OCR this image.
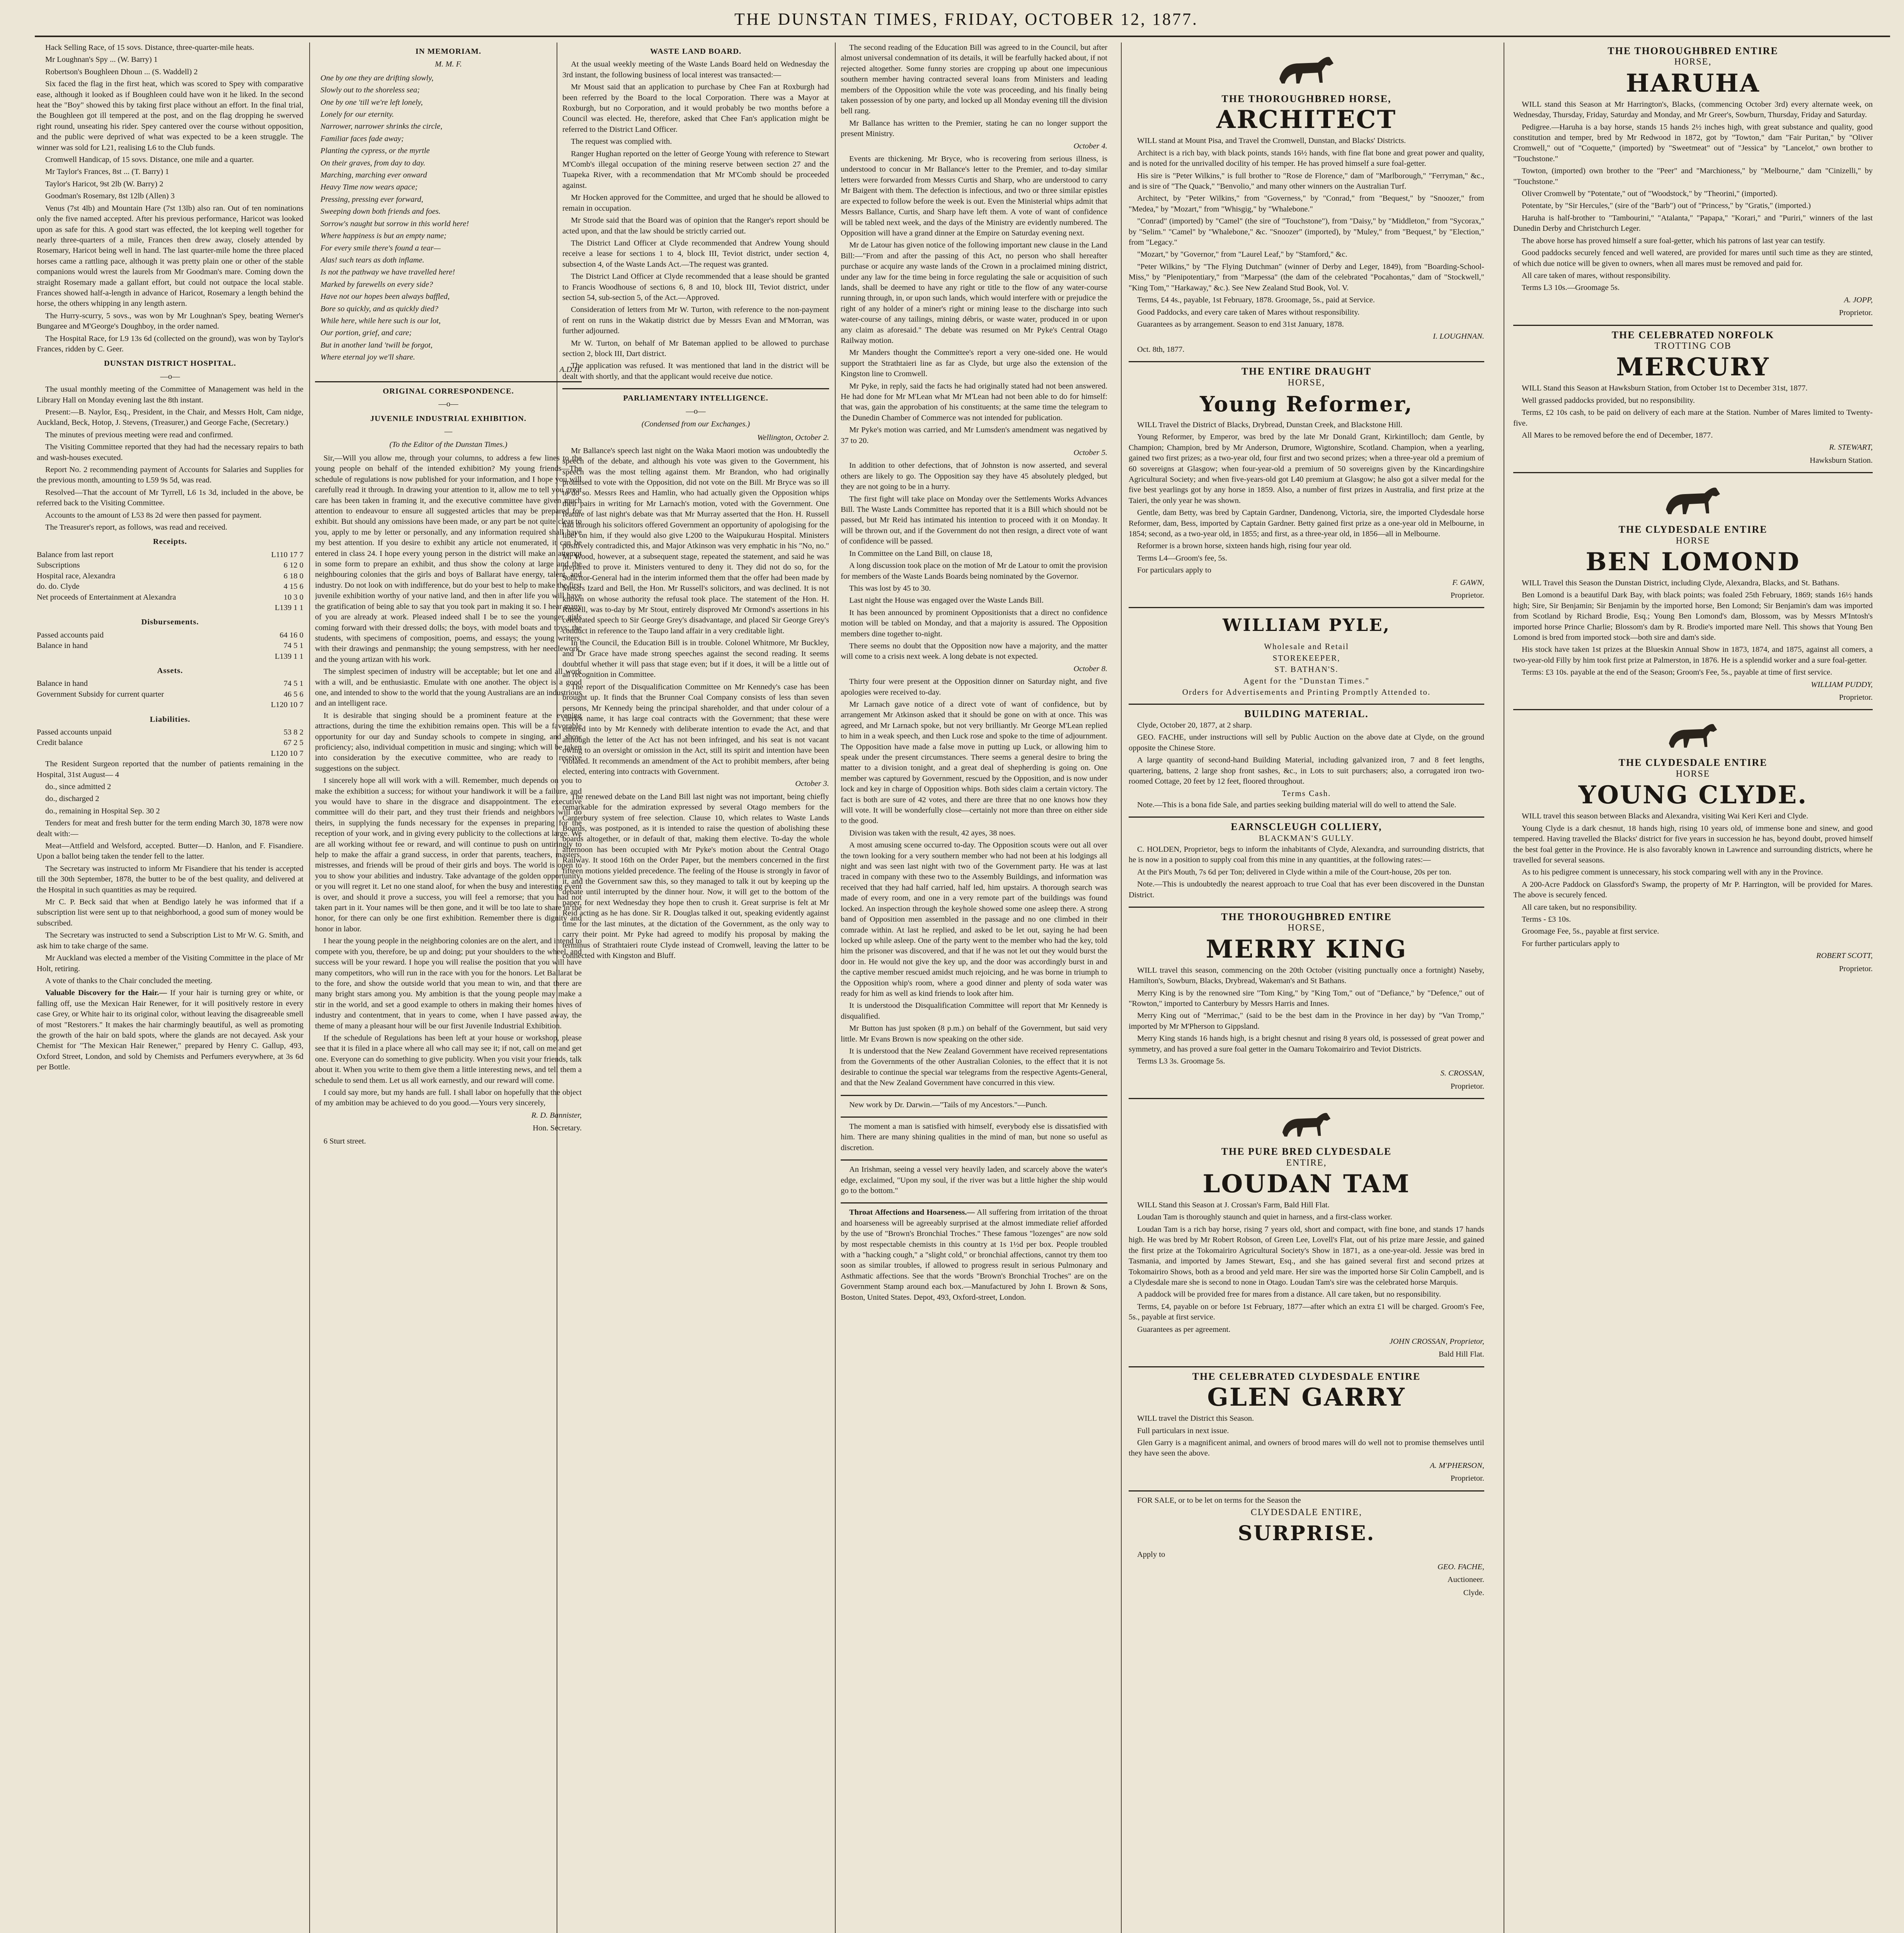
THE DUNSTAN TIMES, FRIDAY, OCTOBER 12, 1877.

Hack Selling Race, of 15 sovs. Distance, three-quarter-mile heats.

Mr Loughnan's Spy ... (W. Barry) 1

Robertson's Boughleen Dhoun ... (S. Waddell) 2

Six faced the flag in the first heat, which was scored to Spey with comparative ease, although it looked as if Boughleen could have won it he liked. In the second heat the "Boy" showed this by taking first place without an effort. In the final trial, the Boughleen got ill tempered at the post, and on the flag dropping he swerved right round, unseating his rider. Spey cantered over the course without opposition, and the public were deprived of what was expected to be a keen struggle. The winner was sold for L21, realising L6 to the Club funds.

Cromwell Handicap, of 15 sovs. Distance, one mile and a quarter.

Mr Taylor's Frances, 8st ... (T. Barry) 1

Taylor's Haricot, 9st 2lb (W. Barry) 2

Goodman's Rosemary, 8st 12lb (Allen) 3

Venus (7st 4lb) and Mountain Hare (7st 13lb) also ran. Out of ten nominations only the five named accepted. After his previous performance, Haricot was looked upon as safe for this. A good start was effected, the lot keeping well together for nearly three-quarters of a mile, Frances then drew away, closely attended by Rosemary, Haricot being well in hand. The last quarter-mile home the three placed horses came a rattling pace, although it was pretty plain one or other of the stable companions would wrest the laurels from Mr Goodman's mare. Coming down the straight Rosemary made a gallant effort, but could not outpace the local stable. Frances showed half-a-length in advance of Haricot, Rosemary a length behind the horse, the others whipping in any length astern.

The Hurry-scurry, 5 sovs., was won by Mr Loughnan's Spey, beating Werner's Bungaree and M'George's Doughboy, in the order named.

The Hospital Race, for L9 13s 6d (collected on the ground), was won by Taylor's Frances, ridden by C. Geer.

DUNSTAN DISTRICT HOSPITAL.
—o—

The usual monthly meeting of the Committee of Management was held in the Library Hall on Monday evening last the 8th instant.

Present:—B. Naylor, Esq., President, in the Chair, and Messrs Holt, Cam nidge, Auckland, Beck, Hotop, J. Stevens, (Treasurer,) and George Fache, (Secretary.)

The minutes of previous meeting were read and confirmed.

The Visiting Committee reported that they had had the necessary repairs to bath and wash-houses executed.

Report No. 2 recommending payment of Accounts for Salaries and Supplies for the previous month, amounting to L59 9s 5d, was read.

Resolved—That the account of Mr Tyrrell, L6 1s 3d, included in the above, be referred back to the Visiting Committee.

Accounts to the amount of L53 8s 2d were then passed for payment.

The Treasurer's report, as follows, was read and received.

Receipts.
Balance from last report	L110 17 7
Subscriptions	6 12 0
Hospital race, Alexandra	6 18 0
do. do. Clyde	4 15 6
Net proceeds of Entertainment at Alexandra	10 3 0
L139 1 1
Disbursements.
Passed accounts paid	64 16 0
Balance in hand	74 5 1
L139 1 1
Assets.
Balance in hand	74 5 1
Government Subsidy for current quarter	46 5 6
L120 10 7
Liabilities.
Passed accounts unpaid	53 8 2
Credit balance	67 2 5
L120 10 7

The Resident Surgeon reported that the number of patients remaining in the Hospital, 31st August— 4

do., since admitted 2

do., discharged 2

do., remaining in Hospital Sep. 30 2

Tenders for meat and fresh butter for the term ending March 30, 1878 were now dealt with:—

Meat—Attfield and Welsford, accepted. Butter—D. Hanlon, and F. Fisandiere. Upon a ballot being taken the tender fell to the latter.

The Secretary was instructed to inform Mr Fisandiere that his tender is accepted till the 30th September, 1878, the butter to be of the best quality, and delivered at the Hospital in such quantities as may be required.

Mr C. P. Beck said that when at Bendigo lately he was informed that if a subscription list were sent up to that neighborhood, a good sum of money would be subscribed.

The Secretary was instructed to send a Subscription List to Mr W. G. Smith, and ask him to take charge of the same.

Mr Auckland was elected a member of the Visiting Committee in the place of Mr Holt, retiring.

A vote of thanks to the Chair concluded the meeting.

Valuable Discovery for the Hair.— If your hair is turning grey or white, or falling off, use the Mexican Hair Renewer, for it will positively restore in every case Grey, or White hair to its original color, without leaving the disagreeable smell of most "Restorers." It makes the hair charmingly beautiful, as well as promoting the growth of the hair on bald spots, where the glands are not decayed. Ask your Chemist for "The Mexican Hair Renewer," prepared by Henry C. Gallup, 493, Oxford Street, London, and sold by Chemists and Perfumers everywhere, at 3s 6d per Bottle.

IN MEMORIAM.
M. M. F.

One by one they are drifting slowly,

Slowly out to the shoreless sea;

One by one 'till we're left lonely,

Lonely for our eternity.

Narrower, narrower shrinks the circle,

Familiar faces fade away;

Planting the cypress, or the myrtle

On their graves, from day to day.

Marching, marching ever onward

Heavy Time now wears apace;

Pressing, pressing ever forward,

Sweeping down both friends and foes.

Sorrow's naught but sorrow in this world here!

Where happiness is but an empty name;

For every smile there's found a tear—

Alas! such tears as doth inflame.

Is not the pathway we have travelled here!

Marked by farewells on every side?

Have not our hopes been always baffled,

Bore so quickly, and as quickly died?

While here, while here such is our lot,

Our portion, grief, and care;

But in another land 'twill be forgot,

Where eternal joy we'll share.

A.D.H.
ORIGINAL CORRESPONDENCE.
—o—
JUVENILE INDUSTRIAL EXHIBITION.
—
(To the Editor of the Dunstan Times.)

Sir,—Will you allow me, through your columns, to address a few lines to the young people on behalf of the intended exhibition? My young friends—The schedule of regulations is now published for your information, and I hope you will carefully read it through. In drawing your attention to it, allow me to tell you great care has been taken in framing it, and the executive committee have given much attention to endeavour to ensure all suggested articles that may be prepared for exhibit. But should any omissions have been made, or any part be not quite clear to you, apply to me by letter or personally, and any information required shall have my best attention. If you desire to exhibit any article not enumerated, it can be entered in class 24. I hope every young person in the district will make an attempt in some form to prepare an exhibit, and thus show the colony at large and the neighbouring colonies that the girls and boys of Ballarat have energy, talent, and industry. Do not look on with indifference, but do your best to help to make the first juvenile exhibition worthy of your native land, and then in after life you will have the gratification of being able to say that you took part in making it so. I hear many of you are already at work. Pleased indeed shall I be to see the younger girls coming forward with their dressed dolls; the boys, with model boats and toys; the students, with specimens of composition, poems, and essays; the young writers, with their drawings and penmanship; the young sempstress, with her needlework, and the young artizan with his work.

The simplest specimen of industry will be acceptable; but let one and all work with a will, and be enthusiastic. Emulate with one another. The object is a good one, and intended to show to the world that the young Australians are an industrious and an intelligent race.

It is desirable that singing should be a prominent feature at the evening attractions, during the time the exhibition remains open. This will be a favorable opportunity for our day and Sunday schools to compete in singing, and show proficiency; also, individual competition in music and singing; which will be taken into consideration by the executive committee, who are ready to receive suggestions on the subject.

I sincerely hope all will work with a will. Remember, much depends on you to make the exhibition a success; for without your handiwork it will be a failure, and you would have to share in the disgrace and disappointment. The executive committee will do their part, and they trust their friends and neighbors will do theirs, in supplying the funds necessary for the expenses in preparing for the reception of your work, and in giving every publicity to the collections at large. We are all working without fee or reward, and will continue to push on untiringly to help to make the affair a grand success, in order that parents, teachers, masters, mistresses, and friends will be proud of their girls and boys. The world is open to you to show your abilities and industry. Take advantage of the golden opportunity, or you will regret it. Let no one stand aloof, for when the busy and interesting event is over, and should it prove a success, you will feel a remorse; that you had not taken part in it. Your names will be then gone, and it will be too late to share in the honor, for there can only be one first exhibition. Remember there is dignity and honor in labor.

I hear the young people in the neighboring colonies are on the alert, and intend to compete with you, therefore, be up and doing; put your shoulders to the wheel, and success will be your reward. I hope you will realise the position that you will have many competitors, who will run in the race with you for the honors. Let Ballarat be to the fore, and show the outside world that you mean to win, and that there are many bright stars among you. My ambition is that the young people may make a stir in the world, and set a good example to others in making their homes hives of industry and contentment, that in years to come, when I have passed away, the theme of many a pleasant hour will be our first Juvenile Industrial Exhibition.

If the schedule of Regulations has been left at your house or workshop, please see that it is filed in a place where all who call may see it; if not, call on me and get one. Everyone can do something to give publicity. When you visit your friends, talk about it. When you write to them give them a little interesting news, and tell them a schedule to send them. Let us all work earnestly, and our reward will come.

I could say more, but my hands are full. I shall labor on hopefully that the object of my ambition may be achieved to do you good.—Yours very sincerely,

R. D. Bannister,
Hon. Secretary.

6 Sturt street.

WASTE LAND BOARD.

At the usual weekly meeting of the Waste Lands Board held on Wednesday the 3rd instant, the following business of local interest was transacted:—

Mr Moust said that an application to purchase by Chee Fan at Roxburgh had been referred by the Board to the local Corporation. There was a Mayor at Roxburgh, but no Corporation, and it would probably be two months before a Council was elected. He, therefore, asked that Chee Fan's application might be referred to the District Land Officer.

The request was complied with.

Ranger Hughan reported on the letter of George Young with reference to Stewart M'Comb's illegal occupation of the mining reserve between section 27 and the Tuapeka River, with a recommendation that Mr M'Comb should be proceeded against.

Mr Hocken approved for the Committee, and urged that he should be allowed to remain in occupation.

Mr Strode said that the Board was of opinion that the Ranger's report should be acted upon, and that the law should be strictly carried out.

The District Land Officer at Clyde recommended that Andrew Young should receive a lease for sections 1 to 4, block III, Teviot district, under section 4, subsection 4, of the Waste Lands Act.—The request was granted.

The District Land Officer at Clyde recommended that a lease should be granted to Francis Woodhouse of sections 6, 8 and 10, block III, Teviot district, under section 54, sub-section 5, of the Act.—Approved.

Consideration of letters from Mr W. Turton, with reference to the non-payment of rent on runs in the Wakatip district due by Messrs Evan and M'Morran, was further adjourned.

Mr W. Turton, on behalf of Mr Bateman applied to be allowed to purchase section 2, block III, Dart district.

The application was refused. It was mentioned that land in the district will be dealt with shortly, and that the applicant would receive due notice.

PARLIAMENTARY INTELLIGENCE.
—o—
(Condensed from our Exchanges.)
Wellington, October 2.

Mr Ballance's speech last night on the Waka Maori motion was undoubtedly the speech of the debate, and although his vote was given to the Government, his speech was the most telling against them. Mr Brandon, who had originally promised to vote with the Opposition, did not vote on the Bill. Mr Bryce was so ill to do so. Messrs Rees and Hamlin, who had actually given the Opposition whips their pairs in writing for Mr Larnach's motion, voted with the Government. One feature of last night's debate was that Mr Murray asserted that the Hon. H. Russell had through his solicitors offered Government an opportunity of apologising for the libel on him, if they would also give L200 to the Waipukurau Hospital. Ministers positively contradicted this, and Major Atkinson was very emphatic in his "No, no." Mr Wood, however, at a subsequent stage, repeated the statement, and said he was prepared to prove it. Ministers ventured to deny it. They did not do so, for the Solicitor-General had in the interim informed them that the offer had been made by Messrs Izard and Bell, the Hon. Mr Russell's solicitors, and was declined. It is not known on whose authority the refusal took place. The statement of the Hon. H. Russell, was to-day by Mr Stout, entirely disproved Mr Ormond's assertions in his celebrated speech to Sir George Grey's disadvantage, and placed Sir George Grey's conduct in reference to the Taupo land affair in a very creditable light.

In the Council, the Education Bill is in trouble. Colonel Whitmore, Mr Buckley, and Dr Grace have made strong speeches against the second reading. It seems doubtful whether it will pass that stage even; but if it does, it will be a little out of all recognition in Committee.

The report of the Disqualification Committee on Mr Kennedy's case has been brought up. It finds that the Brunner Coal Company consists of less than seven persons, Mr Kennedy being the principal shareholder, and that under colour of a clerk's name, it has large coal contracts with the Government; that these were entered into by Mr Kennedy with deliberate intention to evade the Act, and that although the letter of the Act has not been infringed, and his seat is not vacant owing to an oversight or omission in the Act, still its spirit and intention have been violated. It recommends an amendment of the Act to prohibit members, after being elected, entering into contracts with Government.

October 3.

The renewed debate on the Land Bill last night was not important, being chiefly remarkable for the admiration expressed by several Otago members for the Canterbury system of free selection. Clause 10, which relates to Waste Lands Boards, was postponed, as it is intended to raise the question of abolishing these boards altogether, or in default of that, making them elective. To-day the whole afternoon has been occupied with Mr Pyke's motion about the Central Otago Railway. It stood 16th on the Order Paper, but the members concerned in the first fifteen motions yielded precedence. The feeling of the House is strongly in favor of it, and the Government saw this, so they managed to talk it out by keeping up the debate until interrupted by the dinner hour. Now, it will get to the bottom of the paper, for next Wednesday they hope then to crush it. Great surprise is felt at Mr Reid acting as he has done. Sir R. Douglas talked it out, speaking evidently against time for the last minutes, at the dictation of the Government, as the only way to carry their point. Mr Pyke had agreed to modify his proposal by making the terminus of Strathtaieri route Clyde instead of Cromwell, leaving the latter to be connected with Kingston and Bluff.

The second reading of the Education Bill was agreed to in the Council, but after almost universal condemnation of its details, it will be fearfully hacked about, if not rejected altogether. Some funny stories are cropping up about one impecunious southern member having contracted several loans from Ministers and leading members of the Opposition while the vote was proceeding, and his finally being taken possession of by one party, and locked up all Monday evening till the division bell rang.

Mr Ballance has written to the Premier, stating he can no longer support the present Ministry.

October 4.

Events are thickening. Mr Bryce, who is recovering from serious illness, is understood to concur in Mr Ballance's letter to the Premier, and to-day similar letters were forwarded from Messrs Curtis and Sharp, who are understood to carry Mr Baigent with them. The defection is infectious, and two or three similar epistles are expected to follow before the week is out. Even the Ministerial whips admit that Messrs Ballance, Curtis, and Sharp have left them. A vote of want of confidence will be tabled next week, and the days of the Ministry are evidently numbered. The Opposition will have a grand dinner at the Empire on Saturday evening next.

Mr de Latour has given notice of the following important new clause in the Land Bill:—"From and after the passing of this Act, no person who shall hereafter purchase or acquire any waste lands of the Crown in a proclaimed mining district, under any law for the time being in force regulating the sale or acquisition of such lands, shall be deemed to have any right or title to the flow of any water-course running through, in, or upon such lands, which would interfere with or prejudice the right of any holder of a miner's right or mining lease to the discharge into such water-course of any tailings, mining débris, or waste water, produced in or upon any claim as aforesaid." The debate was resumed on Mr Pyke's Central Otago Railway motion.

Mr Manders thought the Committee's report a very one-sided one. He would support the Strathtaieri line as far as Clyde, but urge also the extension of the Kingston line to Cromwell.

Mr Pyke, in reply, said the facts he had originally stated had not been answered. He had done for Mr M'Lean what Mr M'Lean had not been able to do for himself: that was, gain the approbation of his constituents; at the same time the telegram to the Dunedin Chamber of Commerce was not intended for publication.

Mr Pyke's motion was carried, and Mr Lumsden's amendment was negatived by 37 to 20.

October 5.

In addition to other defections, that of Johnston is now asserted, and several others are likely to go. The Opposition say they have 45 absolutely pledged, but they are not going to be in a hurry.

The first fight will take place on Monday over the Settlements Works Advances Bill. The Waste Lands Committee has reported that it is a Bill which should not be passed, but Mr Reid has intimated his intention to proceed with it on Monday. It will be thrown out, and if the Government do not then resign, a direct vote of want of confidence will be passed.

In Committee on the Land Bill, on clause 18,

A long discussion took place on the motion of Mr de Latour to omit the provision for members of the Waste Lands Boards being nominated by the Governor.

This was lost by 45 to 30.

Last night the House was engaged over the Waste Lands Bill.

It has been announced by prominent Oppositionists that a direct no confidence motion will be tabled on Monday, and that a majority is assured. The Opposition members dine together to-night.

There seems no doubt that the Opposition now have a majority, and the matter will come to a crisis next week. A long debate is not expected.

October 8.

Thirty four were present at the Opposition dinner on Saturday night, and five apologies were received to-day.

Mr Larnach gave notice of a direct vote of want of confidence, but by arrangement Mr Atkinson asked that it should be gone on with at once. This was agreed, and Mr Larnach spoke, but not very brilliantly. Mr George M'Lean replied to him in a weak speech, and then Luck rose and spoke to the time of adjournment. The Opposition have made a false move in putting up Luck, or allowing him to speak under the present circumstances. There seems a general desire to bring the matter to a division tonight, and a great deal of shepherding is going on. One member was captured by Government, rescued by the Opposition, and is now under lock and key in charge of Opposition whips. Both sides claim a certain victory. The fact is both are sure of 42 votes, and there are three that no one knows how they will vote. It will be wonderfully close—certainly not more than three on either side to the good.

Division was taken with the result, 42 ayes, 38 noes.

A most amusing scene occurred to-day. The Opposition scouts were out all over the town looking for a very southern member who had not been at his lodgings all night and was seen last night with two of the Government party. He was at last traced in company with these two to the Assembly Buildings, and information was received that they had half carried, half led, him upstairs. A thorough search was made of every room, and one in a very remote part of the buildings was found locked. An inspection through the keyhole showed some one asleep there. A strong band of Opposition men assembled in the passage and no one climbed in their comrade within. At last he replied, and asked to be let out, saying he had been locked up while asleep. One of the party went to the member who had the key, told him the prisoner was discovered, and that if he was not let out they would burst the door in. He would not give the key up, and the door was accordingly burst in and the captive member rescued amidst much rejoicing, and he was borne in triumph to the Opposition whip's room, where a good dinner and plenty of soda water was ready for him as well as kind friends to look after him.

It is understood the Disqualification Committee will report that Mr Kennedy is disqualified.

Mr Button has just spoken (8 p.m.) on behalf of the Government, but said very little. Mr Evans Brown is now speaking on the other side.

It is understood that the New Zealand Government have received representations from the Governments of the other Australian Colonies, to the effect that it is not desirable to continue the special war telegrams from the respective Agents-General, and that the New Zealand Government have concurred in this view.

New work by Dr. Darwin.—"Tails of my Ancestors."—Punch.

The moment a man is satisfied with himself, everybody else is dissatisfied with him. There are many shining qualities in the mind of man, but none so useful as discretion.

An Irishman, seeing a vessel very heavily laden, and scarcely above the water's edge, exclaimed, "Upon my soul, if the river was but a little higher the ship would go to the bottom."

Throat Affections and Hoarseness.— All suffering from irritation of the throat and hoarseness will be agreeably surprised at the almost immediate relief afforded by the use of "Brown's Bronchial Troches." These famous "lozenges" are now sold by most respectable chemists in this country at 1s 1½d per box. People troubled with a "hacking cough," a "slight cold," or bronchial affections, cannot try them too soon as similar troubles, if allowed to progress result in serious Pulmonary and Asthmatic affections. See that the words "Brown's Bronchial Troches" are on the Government Stamp around each box.—Manufactured by John I. Brown & Sons, Boston, United States. Depot, 493, Oxford-street, London.

THE THOROUGHBRED HORSE,
ARCHITECT

WILL stand at Mount Pisa, and Travel the Cromwell, Dunstan, and Blacks' Districts.

Architect is a rich bay, with black points, stands 16½ hands, with fine flat bone and great power and quality, and is noted for the unrivalled docility of his temper. He has proved himself a sure foal-getter.

His sire is "Peter Wilkins," is full brother to "Rose de Florence," dam of "Marlborough," "Ferryman," &c., and is sire of "The Quack," "Benvolio," and many other winners on the Australian Turf.

Architect, by "Peter Wilkins," from "Governess," by "Conrad," from "Bequest," by "Snoozer," from "Medea," by "Mozart," from "Whisgig," by "Whalebone."

"Conrad" (imported) by "Camel" (the sire of "Touchstone"), from "Daisy," by "Middleton," from "Sycorax," by "Selim." "Camel" by "Whalebone," &c. "Snoozer" (imported), by "Muley," from "Bequest," by "Election," from "Legacy."

"Mozart," by "Governor," from "Laurel Leaf," by "Stamford," &c.

"Peter Wilkins," by "The Flying Dutchman" (winner of Derby and Leger, 1849), from "Boarding-School-Miss," by "Plenipotentiary," from "Marpessa" (the dam of the celebrated "Pocahontas," dam of "Stockwell," "King Tom," "Harkaway," &c.). See New Zealand Stud Book, Vol. V.

Terms, £4 4s., payable, 1st February, 1878. Groomage, 5s., paid at Service.

Good Paddocks, and every care taken of Mares without responsibility.

Guarantees as by arrangement. Season to end 31st January, 1878.

I. LOUGHNAN.

Oct. 8th, 1877.

THE ENTIRE DRAUGHT
HORSE,
Young Reformer,

WILL Travel the District of Blacks, Drybread, Dunstan Creek, and Blackstone Hill.

Young Reformer, by Emperor, was bred by the late Mr Donald Grant, Kirkintilloch; dam Gentle, by Champion; Champion, bred by Mr Anderson, Drumore, Wigtonshire, Scotland. Champion, when a yearling, gained two first prizes; as a two-year old, four first and two second prizes; when a three-year old a premium of 60 sovereigns at Glasgow; when four-year-old a premium of 50 sovereigns given by the Kincardingshire Agricultural Society; and when five-years-old got L40 premium at Glasgow; he also got a silver medal for the five best yearlings got by any horse in 1859. Also, a number of first prizes in Australia, and first prize at the Taieri, the only year he was shown.

Gentle, dam Betty, was bred by Captain Gardner, Dandenong, Victoria, sire, the imported Clydesdale horse Reformer, dam, Bess, imported by Captain Gardner. Betty gained first prize as a one-year old in Melbourne, in 1854; second, as a two-year old, in 1855; and first, as a three-year old, in 1856—all in Melbourne.

Reformer is a brown horse, sixteen hands high, rising four year old.

Terms L4—Groom's fee, 5s.

For particulars apply to

F. GAWN,
Proprietor.
WILLIAM PYLE,

Wholesale and Retail

STOREKEEPER,

ST. BATHAN'S.

Agent for the "Dunstan Times."

Orders for Advertisements and Printing Promptly Attended to.

BUILDING MATERIAL.

Clyde, October 20, 1877, at 2 sharp.

GEO. FACHE, under instructions will sell by Public Auction on the above date at Clyde, on the ground opposite the Chinese Store.

A large quantity of second-hand Building Material, including galvanized iron, 7 and 8 feet lengths, quartering, battens, 2 large shop front sashes, &c., in Lots to suit purchasers; also, a corrugated iron two-roomed Cottage, 20 feet by 12 feet, floored throughout.

Terms Cash.

Note.—This is a bona fide Sale, and parties seeking building material will do well to attend the Sale.

EARNSCLEUGH COLLIERY,
BLACKMAN'S GULLY.

C. HOLDEN, Proprietor, begs to inform the inhabitants of Clyde, Alexandra, and surrounding districts, that he is now in a position to supply coal from this mine in any quantities, at the following rates:—

At the Pit's Mouth, 7s 6d per Ton; delivered in Clyde within a mile of the Court-house, 20s per ton.

Note.—This is undoubtedly the nearest approach to true Coal that has ever been discovered in the Dunstan District.

THE THOROUGHBRED ENTIRE
HORSE,
MERRY KING

WILL travel this season, commencing on the 20th October (visiting punctually once a fortnight) Naseby, Hamilton's, Sowburn, Blacks, Drybread, Wakeman's and St Bathans.

Merry King is by the renowned sire "Tom King," by "King Tom," out of "Defiance," by "Defence," out of "Rowton," imported to Canterbury by Messrs Harris and Innes.

Merry King out of "Merrimac," (said to be the best dam in the Province in her day) by "Van Tromp," imported by Mr M'Pherson to Gippsland.

Merry King stands 16 hands high, is a bright chesnut and rising 8 years old, is possessed of great power and symmetry, and has proved a sure foal getter in the Oamaru Tokomairiro and Teviot Districts.

Terms L3 3s. Groomage 5s.

S. CROSSAN,
Proprietor.
THE PURE BRED CLYDESDALE
ENTIRE,
LOUDAN TAM

WILL Stand this Season at J. Crossan's Farm, Bald Hill Flat.

Loudan Tam is thoroughly staunch and quiet in harness, and a first-class worker.

Loudan Tam is a rich bay horse, rising 7 years old, short and compact, with fine bone, and stands 17 hands high. He was bred by Mr Robert Robson, of Green Lee, Lovell's Flat, out of his prize mare Jessie, and gained the first prize at the Tokomairiro Agricultural Society's Show in 1871, as a one-year-old. Jessie was bred in Tasmania, and imported by James Stewart, Esq., and she has gained several first and second prizes at Tokomairiro Shows, both as a brood and yeld mare. Her sire was the imported horse Sir Colin Campbell, and is a Clydesdale mare she is second to none in Otago. Loudan Tam's sire was the celebrated horse Marquis.

A paddock will be provided free for mares from a distance. All care taken, but no responsibility.

Terms, £4, payable on or before 1st February, 1877—after which an extra £1 will be charged. Groom's Fee, 5s., payable at first service.

Guarantees as per agreement.

JOHN CROSSAN, Proprietor,
Bald Hill Flat.
THE CELEBRATED CLYDESDALE ENTIRE
GLEN GARRY

WILL travel the District this Season.

Full particulars in next issue.

Glen Garry is a magnificent animal, and owners of brood mares will do well not to promise themselves until they have seen the above.

A. M'PHERSON,
Proprietor.

FOR SALE, or to be let on terms for the Season the

CLYDESDALE ENTIRE,
SURPRISE.

Apply to

GEO. FACHE,
Auctioneer.
Clyde.
THE THOROUGHBRED ENTIRE
HORSE,
HARUHA

WILL stand this Season at Mr Harrington's, Blacks, (commencing October 3rd) every alternate week, on Wednesday, Thursday, Friday, Saturday and Monday, and Mr Greer's, Sowburn, Thursday, Friday and Saturday.

Pedigree.—Haruha is a bay horse, stands 15 hands 2½ inches high, with great substance and quality, good constitution and temper, bred by Mr Redwood in 1872, got by "Towton," dam "Fair Puritan," by "Oliver Cromwell," out of "Coquette," (imported) by "Sweetmeat" out of "Jessica" by "Lancelot," own brother to "Touchstone."

Towton, (imported) own brother to the "Peer" and "Marchioness," by "Melbourne," dam "Cinizelli," by "Touchstone."

Oliver Cromwell by "Potentate," out of "Woodstock," by "Theorini," (imported).

Potentate, by "Sir Hercules," (sire of the "Barb") out of "Princess," by "Gratis," (imported.)

Haruha is half-brother to "Tambourini," "Atalanta," "Papapa," "Korari," and "Puriri," winners of the last Dunedin Derby and Christchurch Leger.

The above horse has proved himself a sure foal-getter, which his patrons of last year can testify.

Good paddocks securely fenced and well watered, are provided for mares until such time as they are stinted, of which due notice will be given to owners, when all mares must be removed and paid for.

All care taken of mares, without responsibility.

Terms L3 10s.—Groomage 5s.

A. JOPP,
Proprietor.
THE CELEBRATED NORFOLK
TROTTING COB
MERCURY

WILL Stand this Season at Hawksburn Station, from October 1st to December 31st, 1877.

Well grassed paddocks provided, but no responsibility.

Terms, £2 10s cash, to be paid on delivery of each mare at the Station. Number of Mares limited to Twenty-five.

All Mares to be removed before the end of December, 1877.

R. STEWART,
Hawksburn Station.
THE CLYDESDALE ENTIRE
HORSE
BEN LOMOND

WILL Travel this Season the Dunstan District, including Clyde, Alexandra, Blacks, and St. Bathans.

Ben Lomond is a beautiful Dark Bay, with black points; was foaled 25th February, 1869; stands 16½ hands high; Sire, Sir Benjamin; Sir Benjamin by the imported horse, Ben Lomond; Sir Benjamin's dam was imported from Scotland by Richard Brodie, Esq.; Young Ben Lomond's dam, Blossom, was by Messrs M'Intosh's imported horse Prince Charlie; Blossom's dam by R. Brodie's imported mare Nell. This shows that Young Ben Lomond is bred from imported stock—both sire and dam's side.

His stock have taken 1st prizes at the Blueskin Annual Show in 1873, 1874, and 1875, against all comers, a two-year-old Filly by him took first prize at Palmerston, in 1876. He is a splendid worker and a sure foal-getter.

Terms: £3 10s. payable at the end of the Season; Groom's Fee, 5s., payable at time of first service.

WILLIAM PUDDY,
Proprietor.
THE CLYDESDALE ENTIRE
HORSE
YOUNG CLYDE.

WILL travel this season between Blacks and Alexandra, visiting Wai Keri Keri and Clyde.

Young Clyde is a dark chesnut, 18 hands high, rising 10 years old, of immense bone and sinew, and good tempered. Having travelled the Blacks' district for five years in succession he has, beyond doubt, proved himself the best foal getter in the Province. He is also favorably known in Lawrence and surrounding districts, where he travelled for several seasons.

As to his pedigree comment is unnecessary, his stock comparing well with any in the Province.

A 200-Acre Paddock on Glassford's Swamp, the property of Mr P. Harrington, will be provided for Mares. The above is securely fenced.

All care taken, but no responsibility.

Terms - £3 10s.

Groomage Fee, 5s., payable at first service.

For further particulars apply to

ROBERT SCOTT,
Proprietor.
